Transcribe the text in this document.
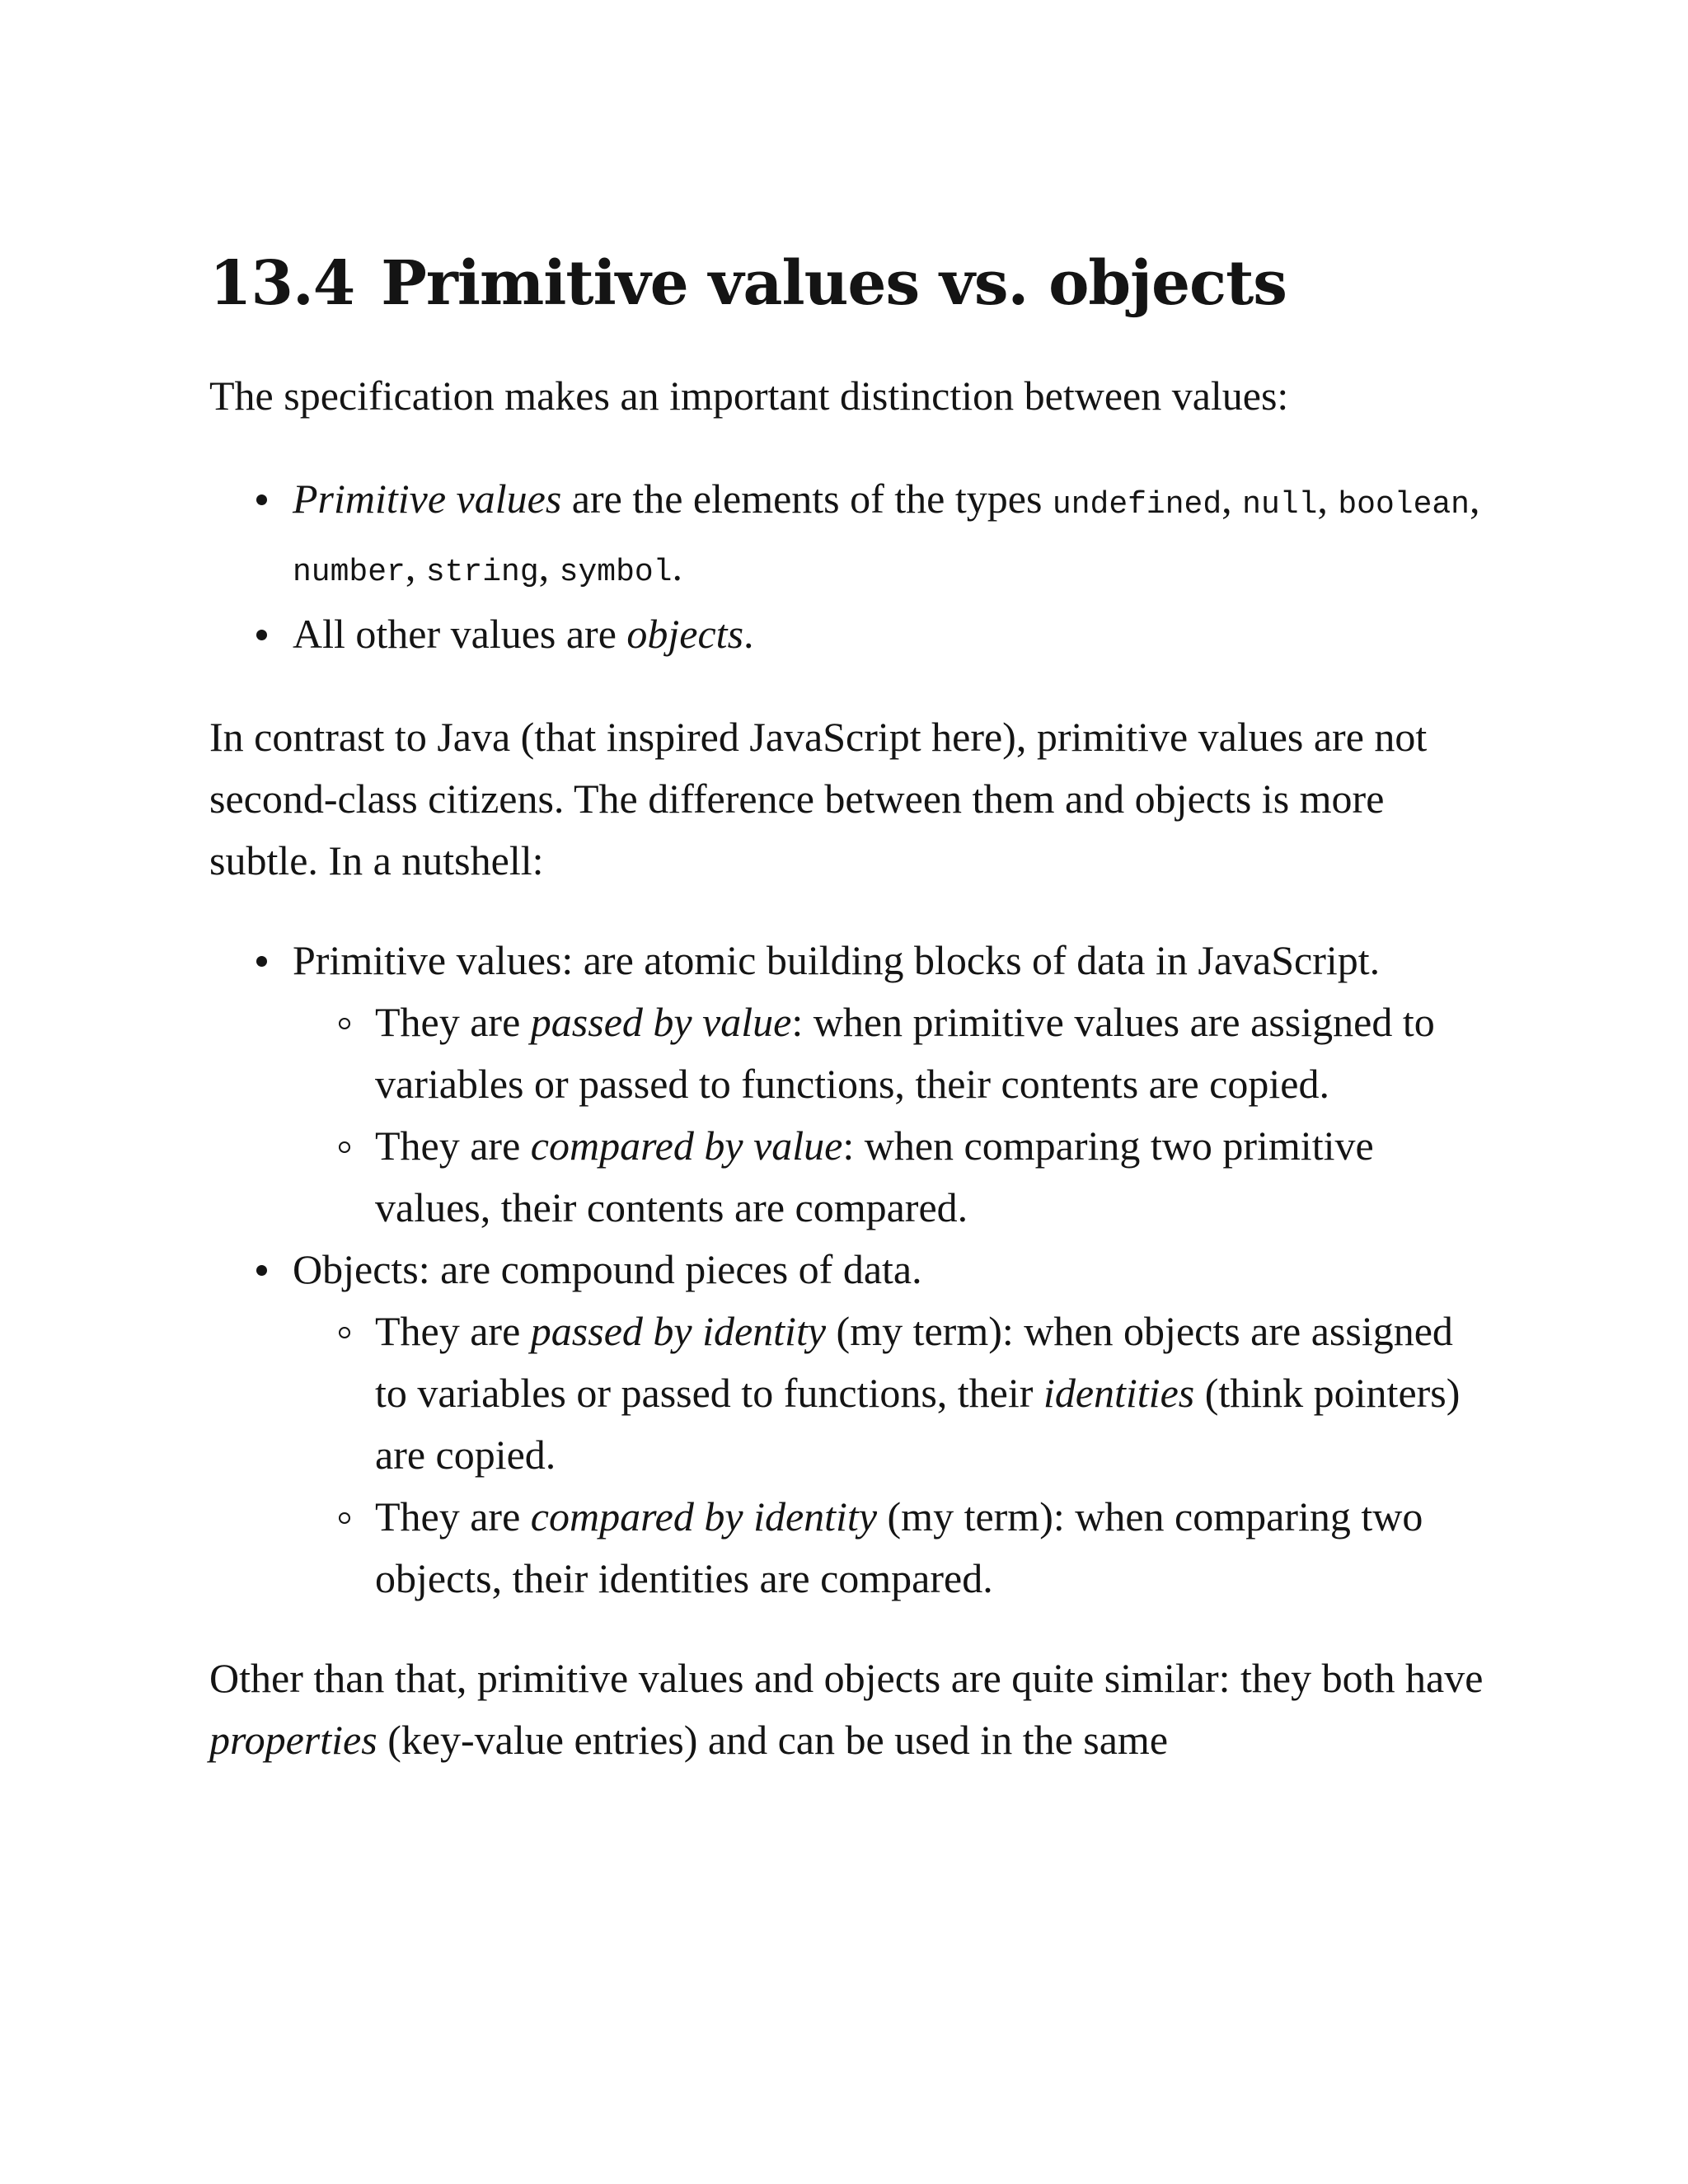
13.4 Primitive values vs. objects

The specification makes an important distinction between values:

Primitive values are the elements of the types undefined, null, boolean, number, string, symbol.
All other values are objects.

In contrast to Java (that inspired JavaScript here), primitive values are not second-class citizens. The difference between them and objects is more subtle. In a nutshell:

Primitive values: are atomic building blocks of data in JavaScript.
They are passed by value: when primitive values are assigned to variables or passed to functions, their contents are copied.
They are compared by value: when comparing two primitive values, their contents are compared.
Objects: are compound pieces of data.
They are passed by identity (my term): when objects are assigned to variables or passed to functions, their identities (think pointers) are copied.
They are compared by identity (my term): when comparing two objects, their identities are compared.

Other than that, primitive values and objects are quite similar: they both have properties (key-value entries) and can be used in the same
